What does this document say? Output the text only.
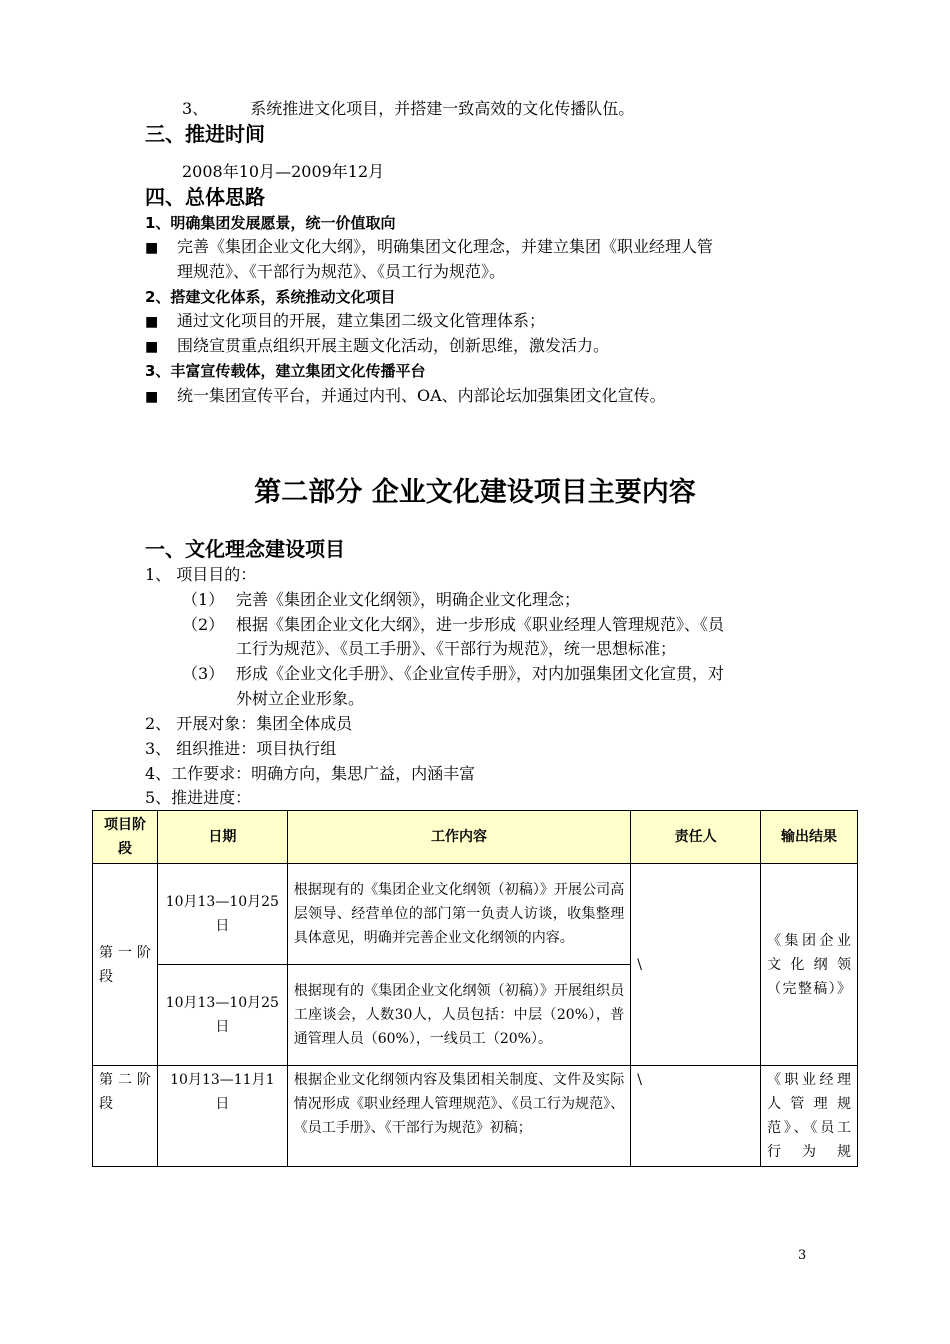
3、	系统推进文化项目，并搭建一致高效的文化传播队伍。
三、推进时间
2008年10月—2009年12月
四、总体思路
1、明确集团发展愿景，统一价值取向
■ 完善《集团企业文化大纲》，明确集团文化理念，并建立集团《职业经理人管
理规范》、《干部行为规范》、《员工行为规范》。
2、搭建文化体系，系统推动文化项目
■ 通过文化项目的开展，建立集团二级文化管理体系；
■ 围绕宣贯重点组织开展主题文化活动，创新思维，激发活力。
3、丰富宣传载体，建立集团文化传播平台
■ 统一集团宣传平台，并通过内刊、OA、内部论坛加强集团文化宣传。
第二部分 企业文化建设项目主要内容
一、文化理念建设项目
1、 项目目的：
（1） 完善《集团企业文化纲领》，明确企业文化理念；
（2） 根据《集团企业文化大纲》，进一步形成《职业经理人管理规范》、《员
工行为规范》、《员工手册》、《干部行为规范》，统一思想标准；
（3） 形成《企业文化手册》、《企业宣传手册》，对内加强集团文化宣贯，对
外树立企业形象。
2、 开展对象：集团全体成员
3、 组织推进：项目执行组
4、工作要求：明确方向，集思广益，内涵丰富
5、推进进度：
项目阶段	日期	工作内容	责任人	输出结果
第一阶段	10月13—10月25日	根据现有的《集团企业文化纲领（初稿）》开展公司高层领导、经营单位的部门第一负责人访谈，收集整理具体意见，明确并完善企业文化纲领的内容。	\	《集团企业文化纲领（完整稿）》
	10月13—10月25日	根据现有的《集团企业文化纲领（初稿）》开展组织员工座谈会，人数30人，人员包括：中层（20%），普通管理人员（60%），一线员工（20%）。		
第二阶段	10月13—11月1日	根据企业文化纲领内容及集团相关制度、文件及实际情况形成《职业经理人管理规范》、《员工行为规范》、《员工手册》、《干部行为规范》初稿；	\	《职业经理人管理规范》、《员工行为规
3
